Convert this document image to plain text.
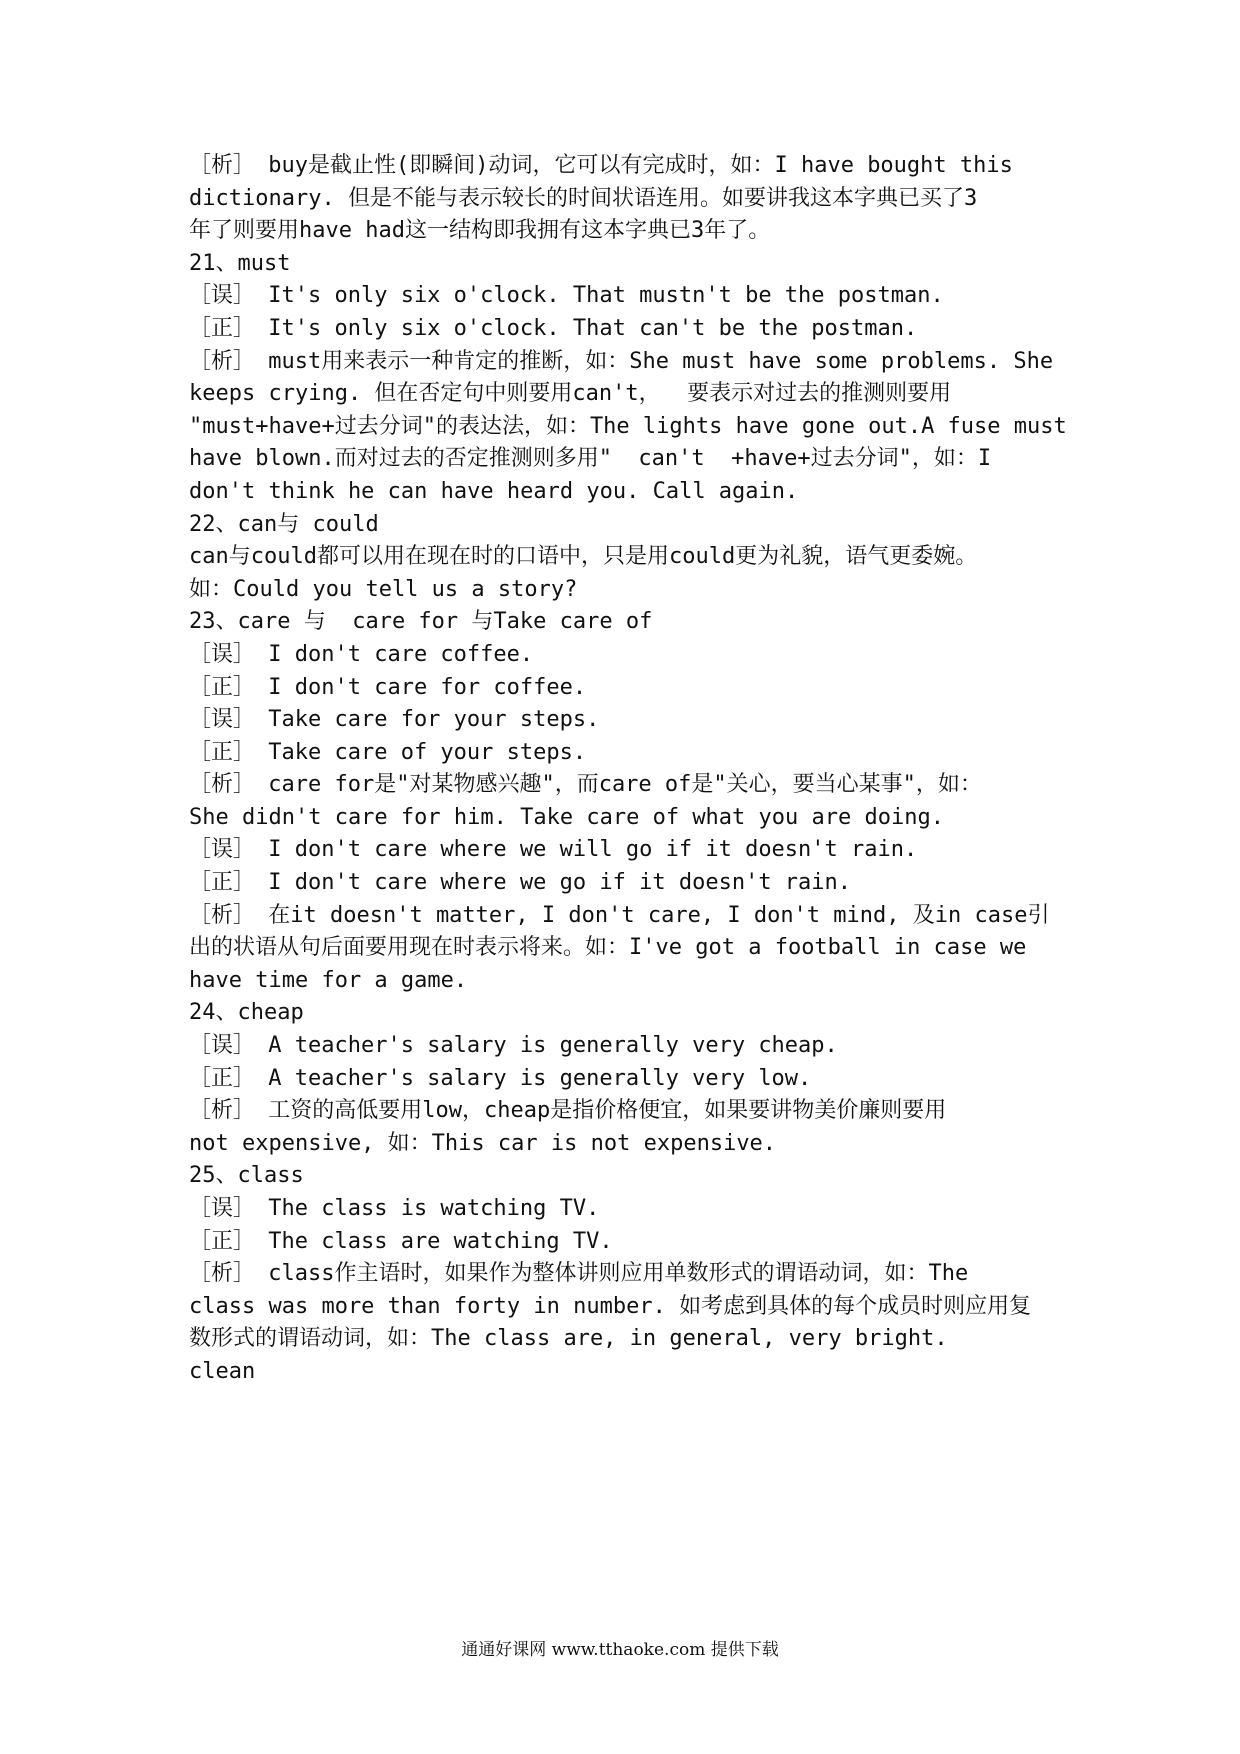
［析］ buy是截止性(即瞬间)动词，它可以有完成时，如：I have bought this

dictionary. 但是不能与表示较长的时间状语连用。如要讲我这本字典已买了3

年了则要用have had这一结构即我拥有这本字典已3年了。

21、must

［误］ It's only six o'clock. That mustn't be the postman.

［正］ It's only six o'clock. That can't be the postman.

［析］ must用来表示一种肯定的推断，如：She must have some problems. She

keeps crying. 但在否定句中则要用can't，  要表示对过去的推测则要用

"must+have+过去分词"的表达法，如：The lights have gone out.A fuse must

have blown.而对过去的否定推测则多用"  can't  +have+过去分词"，如：I

don't think he can have heard you. Call again.

22、can与 could

can与could都可以用在现在时的口语中，只是用could更为礼貌，语气更委婉。

如：Could you tell us a story?

23、care 与  care for 与Take care of

［误］ I don't care coffee.

［正］ I don't care for coffee.

［误］ Take care for your steps.

［正］ Take care of your steps.

［析］ care for是"对某物感兴趣"，而care of是"关心，要当心某事"，如：

She didn't care for him. Take care of what you are doing.

［误］ I don't care where we will go if it doesn't rain.

［正］ I don't care where we go if it doesn't rain.

［析］ 在it doesn't matter, I don't care, I don't mind, 及in case引

出的状语从句后面要用现在时表示将来。如：I've got a football in case we

have time for a game.

24、cheap

［误］ A teacher's salary is generally very cheap.

［正］ A teacher's salary is generally very low.

［析］ 工资的高低要用low，cheap是指价格便宜，如果要讲物美价廉则要用

not expensive, 如：This car is not expensive.

25、class

［误］ The class is watching TV.

［正］ The class are watching TV.

［析］ class作主语时，如果作为整体讲则应用单数形式的谓语动词，如：The

class was more than forty in number. 如考虑到具体的每个成员时则应用复

数形式的谓语动词，如：The class are, in general, very bright.

clean

通通好课网 www.tthaoke.com 提供下载
